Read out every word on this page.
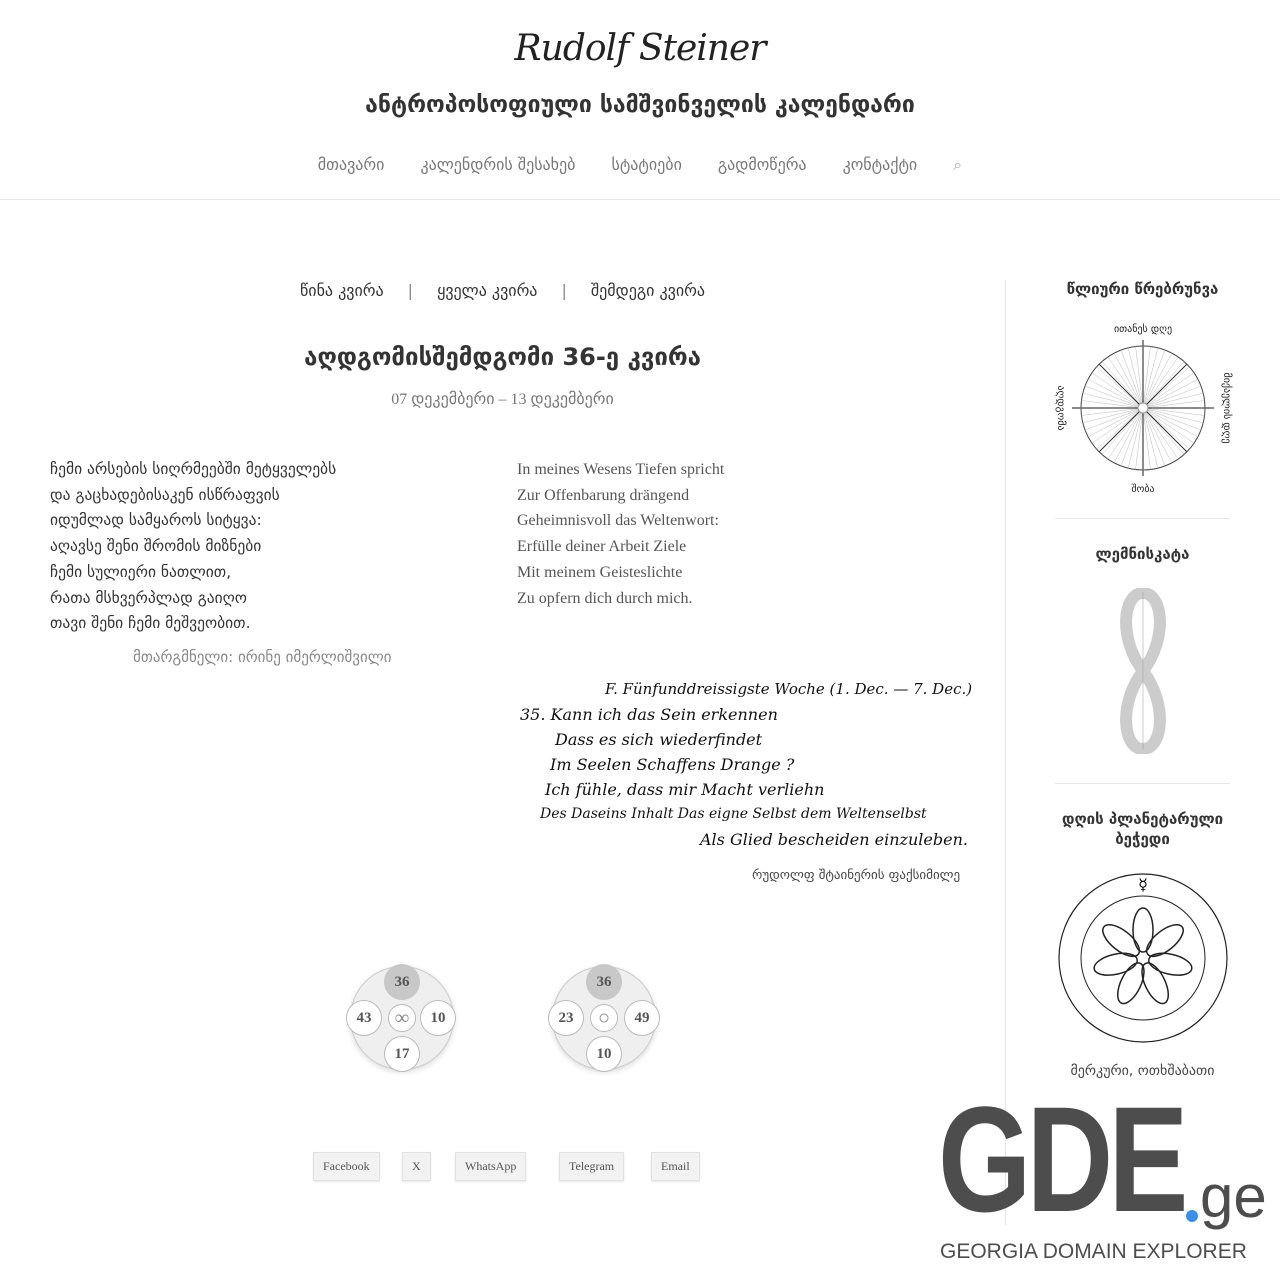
Rudolf Steiner
ანტროპოსოფიული სამშვინველის კალენდარი
მთავარი კალენდრის შესახებ სტატიები გადმოწერა კონტაქტი ⌕
წინა კვირა | ყველა კვირა | შემდეგი კვირა
აღდგომისშემდგომი 36-ე კვირა
07 დეკემბერი – 13 დეკემბერი
ჩემი არსების სიღრმეებში მეტყველებს
და გაცხადებისაკენ ისწრაფვის
იდუმლად სამყაროს სიტყვა:
აღავსე შენი შრომის მიზნები
ჩემი სულიერი ნათლით,
რათა მსხვერპლად გაიღო
თავი შენი ჩემი მეშვეობით.
მთარგმნელი: ირინე იმერლიშვილი
In meines Wesens Tiefen spricht
Zur Offenbarung drängend
Geheimnisvoll das Weltenwort:
Erfülle deiner Arbeit Ziele
Mit meinem Geisteslichte
Zu opfern dich durch mich.
F. Fünfunddreissigste Woche (1. Dec. — 7. Dec.)
35. Kann ich das Sein erkennen
Dass es sich wiederfindet
Im Seelen Schaffens Drange ?
Ich fühle, dass mir Macht verliehn
Des Daseins Inhalt Das eigne Selbst dem Weltenselbst
Als Glied bescheiden einzuleben.
რუდოლფ შტაინერის ფაქსიმილე
36
43	10
17
∞
36
23	49
10
○
Facebook	X	WhatsApp	Telegram	Email
წლიური წრებრუნვა
ითანეს დღე
შობა
აღდგომა	მიქაელის დღე
ლემნისკატა
დღის პლანეტარული ბეჭედი
☿
მერკური, ოთხშაბათი
GDE ge
GEORGIA DOMAIN EXPLORER
